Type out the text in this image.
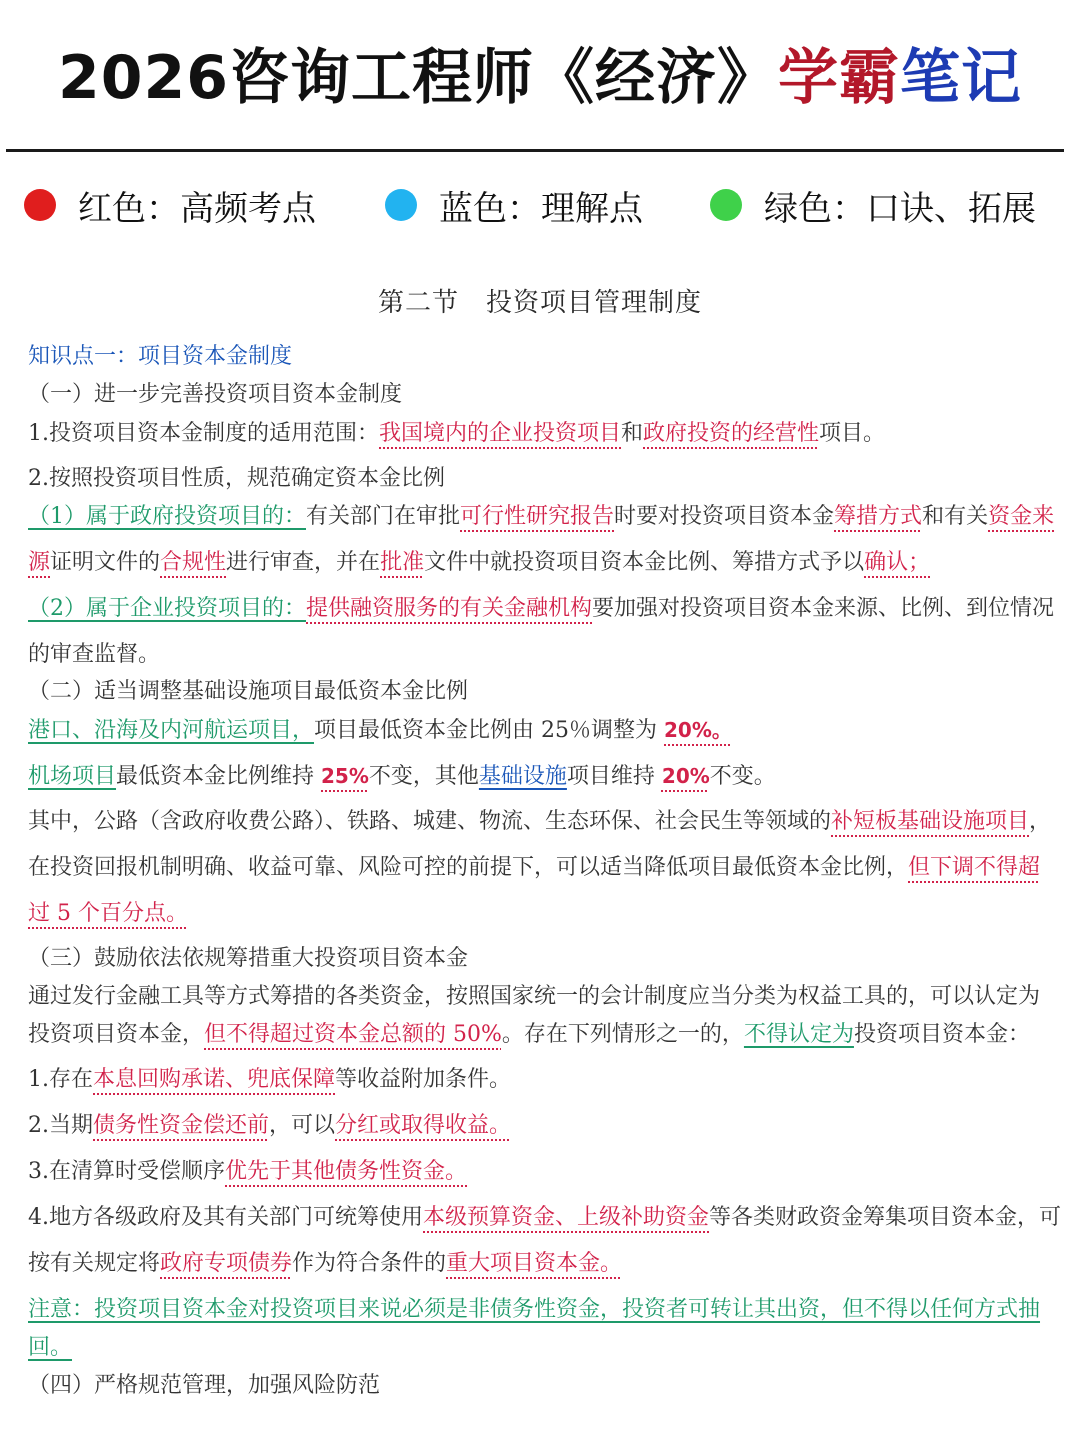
2026咨询工程师《经济》学霸笔记
红色：高频考点	蓝色：理解点	绿色：口诀、拓展
第二节　投资项目管理制度
知识点一：项目资本金制度
（一）进一步完善投资项目资本金制度
1.投资项目资本金制度的适用范围：我国境内的企业投资项目和政府投资的经营性项目。
2.按照投资项目性质，规范确定资本金比例
（1）属于政府投资项目的：有关部门在审批可行性研究报告时要对投资项目资本金筹措方式和有关资金来
源证明文件的合规性进行审查，并在批准文件中就投资项目资本金比例、筹措方式予以确认；
（2）属于企业投资项目的：提供融资服务的有关金融机构要加强对投资项目资本金来源、比例、到位情况
的审查监督。
（二）适当调整基础设施项目最低资本金比例
港口、沿海及内河航运项目，项目最低资本金比例由 25％调整为 20%。
机场项目最低资本金比例维持 25%不变，其他基础设施项目维持 20%不变。
其中，公路（含政府收费公路）、铁路、城建、物流、生态环保、社会民生等领域的补短板基础设施项目，
在投资回报机制明确、收益可靠、风险可控的前提下，可以适当降低项目最低资本金比例，但下调不得超
过 5 个百分点。
（三）鼓励依法依规筹措重大投资项目资本金
通过发行金融工具等方式筹措的各类资金，按照国家统一的会计制度应当分类为权益工具的，可以认定为
投资项目资本金，但不得超过资本金总额的 50%。存在下列情形之一的，不得认定为投资项目资本金：
1.存在本息回购承诺、兜底保障等收益附加条件。
2.当期债务性资金偿还前，可以分红或取得收益。
3.在清算时受偿顺序优先于其他债务性资金。
4.地方各级政府及其有关部门可统筹使用本级预算资金、上级补助资金等各类财政资金筹集项目资本金，可
按有关规定将政府专项债券作为符合条件的重大项目资本金。
注意：投资项目资本金对投资项目来说必须是非债务性资金，投资者可转让其出资，但不得以任何方式抽
回。
（四）严格规范管理，加强风险防范
